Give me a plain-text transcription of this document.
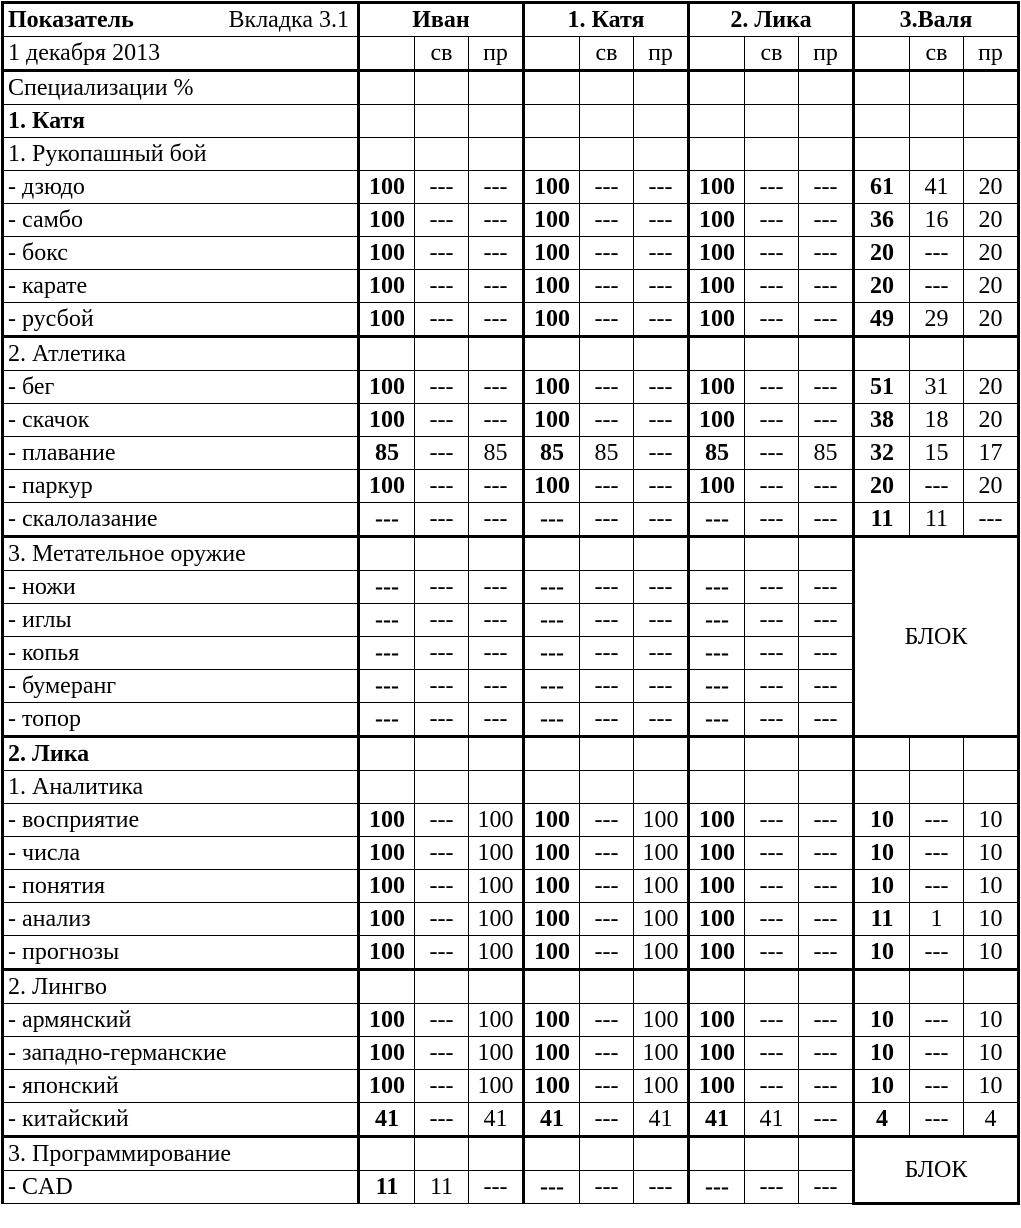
Показатель Вкладка 3.1	Иван			1. Катя			2. Лика			3.Валя		
1 декабря 2013		св	пр		св	пр		св	пр		св	пр
Специализации %												
1. Катя												
1. Рукопашный бой												
- дзюдо	100	---	---	100	---	---	100	---	---	61	41	20
- самбо	100	---	---	100	---	---	100	---	---	36	16	20
- бокс	100	---	---	100	---	---	100	---	---	20	---	20
- карате	100	---	---	100	---	---	100	---	---	20	---	20
- русбой	100	---	---	100	---	---	100	---	---	49	29	20
2. Атлетика												
- бег	100	---	---	100	---	---	100	---	---	51	31	20
- скачок	100	---	---	100	---	---	100	---	---	38	18	20
- плавание	85	---	85	85	85	---	85	---	85	32	15	17
- паркур	100	---	---	100	---	---	100	---	---	20	---	20
- скалолазание	---	---	---	---	---	---	---	---	---	11	11	---
3. Метательное оружие										БЛОК		
- ножи	---	---	---	---	---	---	---	---	---			
- иглы	---	---	---	---	---	---	---	---	---			
- копья	---	---	---	---	---	---	---	---	---			
- бумеранг	---	---	---	---	---	---	---	---	---			
- топор	---	---	---	---	---	---	---	---	---			
2. Лика												
1. Аналитика												
- восприятие	100	---	100	100	---	100	100	---	---	10	---	10
- числа	100	---	100	100	---	100	100	---	---	10	---	10
- понятия	100	---	100	100	---	100	100	---	---	10	---	10
- анализ	100	---	100	100	---	100	100	---	---	11	1	10
- прогнозы	100	---	100	100	---	100	100	---	---	10	---	10
2. Лингво												
- армянский	100	---	100	100	---	100	100	---	---	10	---	10
- западно-германские	100	---	100	100	---	100	100	---	---	10	---	10
- японский	100	---	100	100	---	100	100	---	---	10	---	10
- китайский	41	---	41	41	---	41	41	41	---	4	---	4
3. Программирование										БЛОК		
- CAD	11	11	---	---	---	---	---	---	---			
